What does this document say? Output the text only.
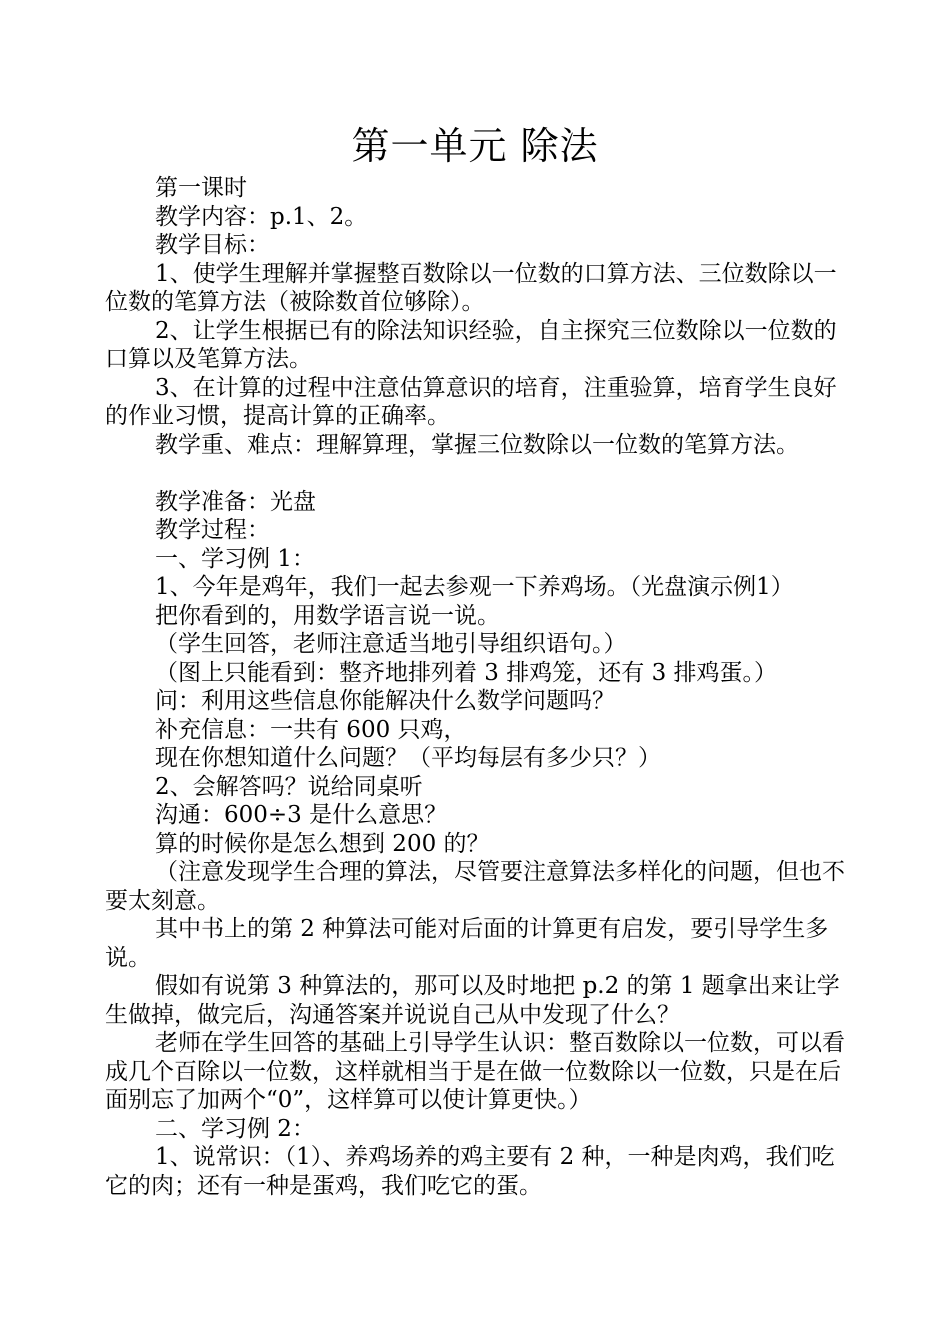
第一单元 除法

第一课时

教学内容：p.1、2。

教学目标：

1、使学生理解并掌握整百数除以一位数的口算方法、三位数除以一位数的笔算方法（被除数首位够除）。

2、让学生根据已有的除法知识经验，自主探究三位数除以一位数的口算以及笔算方法。

3、在计算的过程中注意估算意识的培育，注重验算，培育学生良好的作业习惯，提高计算的正确率。

教学重、难点：理解算理，掌握三位数除以一位数的笔算方法。

教学准备：光盘

教学过程：

一、学习例 1：

1、今年是鸡年，我们一起去参观一下养鸡场。（光盘演示例1）

把你看到的，用数学语言说一说。

（学生回答，老师注意适当地引导组织语句。）

（图上只能看到：整齐地排列着 3 排鸡笼，还有 3 排鸡蛋。）

问：利用这些信息你能解决什么数学问题吗？

补充信息：一共有 600 只鸡，

现在你想知道什么问题？（平均每层有多少只？）

2、会解答吗？说给同桌听

沟通：600÷3 是什么意思？

算的时候你是怎么想到 200 的？

（注意发现学生合理的算法，尽管要注意算法多样化的问题，但也不要太刻意。

其中书上的第 2 种算法可能对后面的计算更有启发，要引导学生多说。

假如有说第 3 种算法的，那可以及时地把 p.2 的第 1 题拿出来让学生做掉，做完后，沟通答案并说说自己从中发现了什么？

老师在学生回答的基础上引导学生认识：整百数除以一位数，可以看成几个百除以一位数，这样就相当于是在做一位数除以一位数，只是在后面别忘了加两个“0”，这样算可以使计算更快。）

二、学习例 2：

1、说常识：（1）、养鸡场养的鸡主要有 2 种，一种是肉鸡，我们吃它的肉；还有一种是蛋鸡，我们吃它的蛋。
